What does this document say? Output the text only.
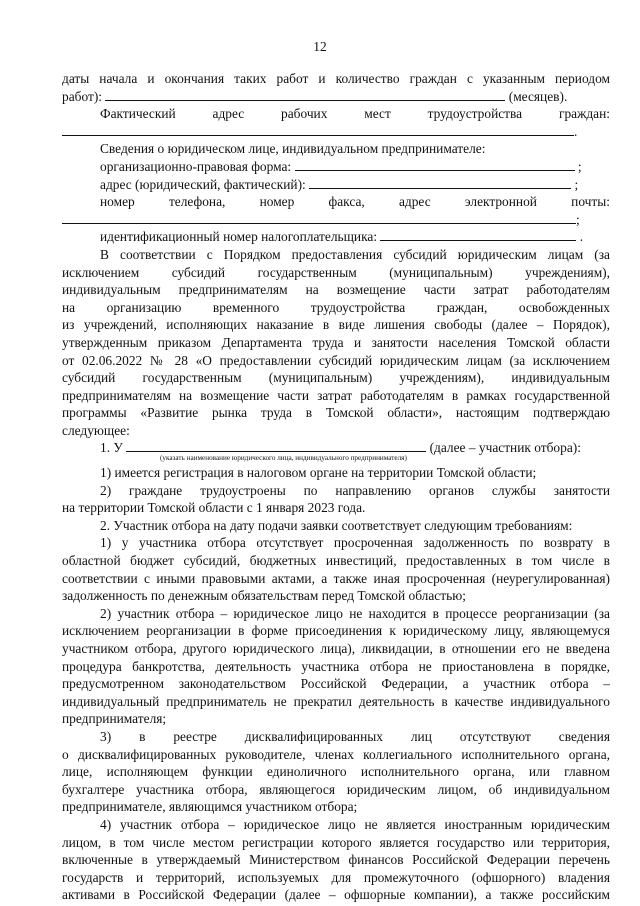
12
даты начала и окончания таких работ и количество граждан с указанным периодом
работ):	(месяцев).
Фактический адрес рабочих мест трудоустройства граждан:
.
Сведения о юридическом лице, индивидуальном предпринимателе:
организационно-правовая форма:	;
адрес (юридический, фактический):	;
номер телефона, номер факса, адрес электронной почты:
;
идентификационный номер налогоплательщика:	.
В соответствии с Порядком предоставления субсидий юридическим лицам (за
исключением субсидий государственным (муниципальным) учреждениям),
индивидуальным предпринимателям на возмещение части затрат работодателям
на организацию временного трудоустройства граждан, освобожденных
из учреждений, исполняющих наказание в виде лишения свободы (далее – Порядок),
утвержденным приказом Департамента труда и занятости населения Томской области
от 02.06.2022 № 28 «О предоставлении субсидий юридическим лицам (за исключением
субсидий государственным (муниципальным) учреждениям), индивидуальным
предпринимателям на возмещение части затрат работодателям в рамках государственной
программы «Развитие рынка труда в Томской области», настоящим подтверждаю
следующее:
1. У	(далее – участник отбора):
(указать наименование юридического лица, индивидуального предпринимателя)
1) имеется регистрация в налоговом органе на территории Томской области;
2) граждане трудоустроены по направлению органов службы занятости
на территории Томской области с 1 января 2023 года.
2. Участник отбора на дату подачи заявки соответствует следующим требованиям:
1) у участника отбора отсутствует просроченная задолженность по возврату в
областной бюджет субсидий, бюджетных инвестиций, предоставленных в том числе в
соответствии с иными правовыми актами, а также иная просроченная (неурегулированная)
задолженность по денежным обязательствам перед Томской областью;
2) участник отбора – юридическое лицо не находится в процессе реорганизации (за
исключением реорганизации в форме присоединения к юридическому лицу, являющемуся
участником отбора, другого юридического лица), ликвидации, в отношении его не введена
процедура банкротства, деятельность участника отбора не приостановлена в порядке,
предусмотренном законодательством Российской Федерации, а участник отбора –
индивидуальный предприниматель не прекратил деятельность в качестве индивидуального
предпринимателя;
3) в реестре дисквалифицированных лиц отсутствуют сведения
о дисквалифицированных руководителе, членах коллегиального исполнительного органа,
лице, исполняющем функции единоличного исполнительного органа, или главном
бухгалтере участника отбора, являющегося юридическим лицом, об индивидуальном
предпринимателе, являющимся участником отбора;
4) участник отбора – юридическое лицо не является иностранным юридическим
лицом, в том числе местом регистрации которого является государство или территория,
включенные в утверждаемый Министерством финансов Российской Федерации перечень
государств и территорий, используемых для промежуточного (офшорного) владения
активами в Российской Федерации (далее – офшорные компании), а также российским
